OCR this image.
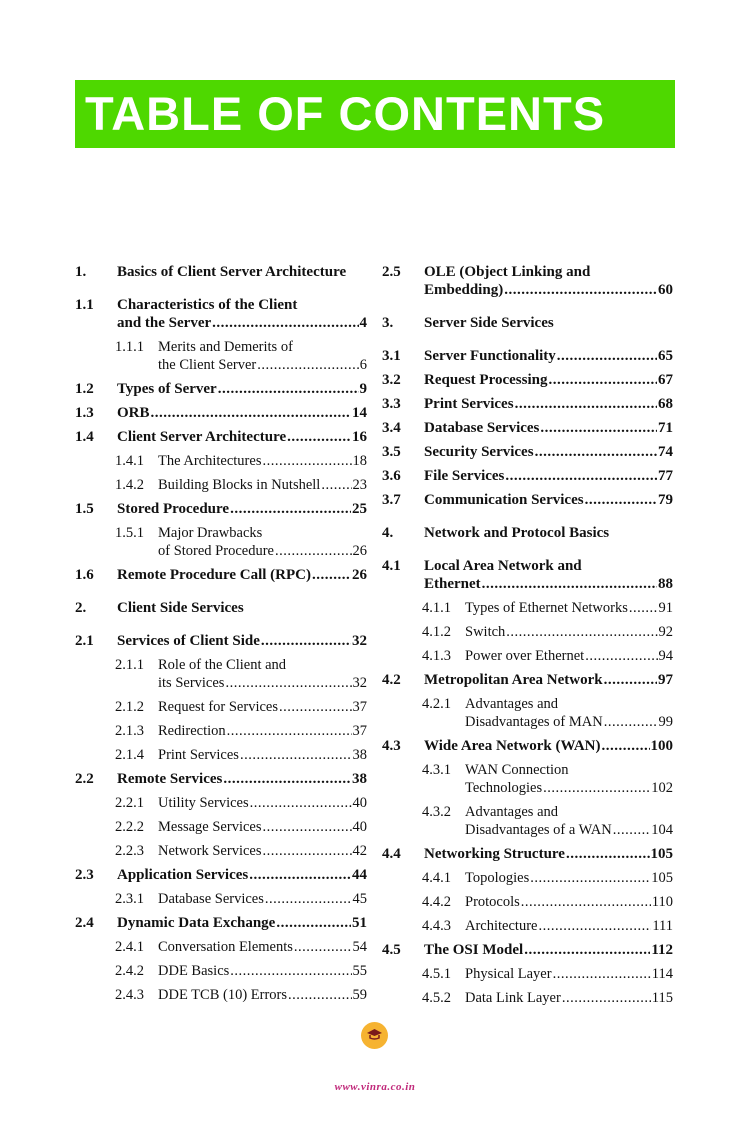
TABLE OF CONTENTS
1.	Basics of Client Server Architecture
1.1	Characteristics of the Client
and the Server .....	4
1.1.1 Merits and Demerits of
the Client Server .....	6
1.2	Types of Server .....	9
1.3	ORB .....	14
1.4	Client Server Architecture .....	16
1.4.1 The Architectures .....	18
1.4.2 Building Blocks in Nutshell ..... 23
1.5	Stored Procedure .....	25
1.5.1 Major Drawbacks
of Stored Procedure .....	26
1.6	Remote Procedure Call (RPC) .....	26
2.	Client Side Services
2.1	Services of Client Side .....	32
2.1.1 Role of the Client and
its Services .....	32
2.1.2 Request for Services .....	37
2.1.3 Redirection .....	37
2.1.4 Print Services .....	38
2.2	Remote Services .....	38
2.2.1 Utility Services .....	40
2.2.2 Message Services .....	40
2.2.3 Network Services .....	42
2.3	Application Services .....	44
2.3.1 Database Services .....	45
2.4	Dynamic Data Exchange .....	51
2.4.1 Conversation Elements .....	54
2.4.2 DDE Basics .....	55
2.4.3 DDE TCB (10) Errors .....	59
2.5	OLE (Object Linking and
Embedding) .....	60
3.	Server Side Services
3.1	Server Functionality .....	65
3.2	Request Processing .....	67
3.3	Print Services .....	68
3.4	Database Services .....	71
3.5	Security Services .....	74
3.6	File Services .....	77
3.7	Communication Services .....	79
4.	Network and Protocol Basics
4.1	Local Area Network and
Ethernet .....	88
4.1.1 Types of Ethernet Networks ..... 91
4.1.2 Switch .....	92
4.1.3 Power over Ethernet .....	94
4.2	Metropolitan Area Network .....	97
4.2.1 Advantages and
Disadvantages of MAN .....	99
4.3	Wide Area Network (WAN) .....	100
4.3.1 WAN Connection
Technologies .....	102
4.3.2 Advantages and
Disadvantages of a WAN .....	104
4.4	Networking Structure .....	105
4.4.1 Topologies .....	105
4.4.2 Protocols .....	110
4.4.3 Architecture .....	111
4.5	The OSI Model .....	112
4.5.1 Physical Layer .....	114
4.5.2 Data Link Layer .....	115
www.vinra.co.in
